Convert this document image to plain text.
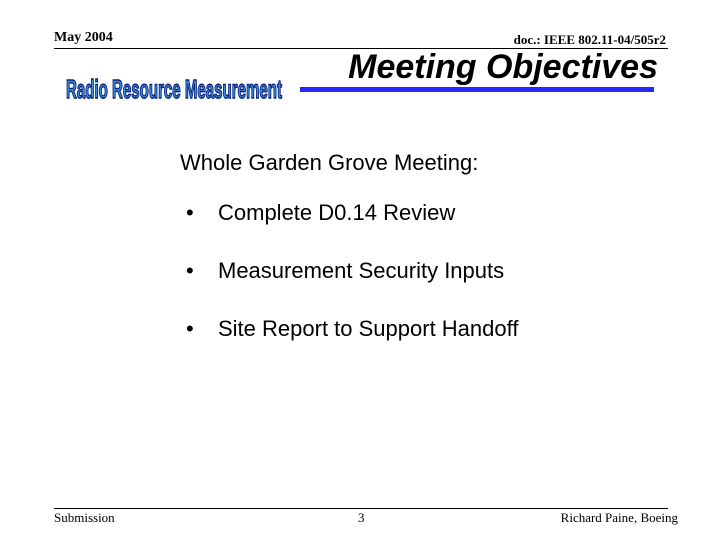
May 2004	doc.: IEEE 802.11-04/505r2
Radio Resource Measurement
Meeting Objectives
Whole Garden Grove Meeting:
• Complete D0.14 Review
• Measurement Security Inputs
• Site Report to Support Handoff
Submission	3	Richard Paine, Boeing
